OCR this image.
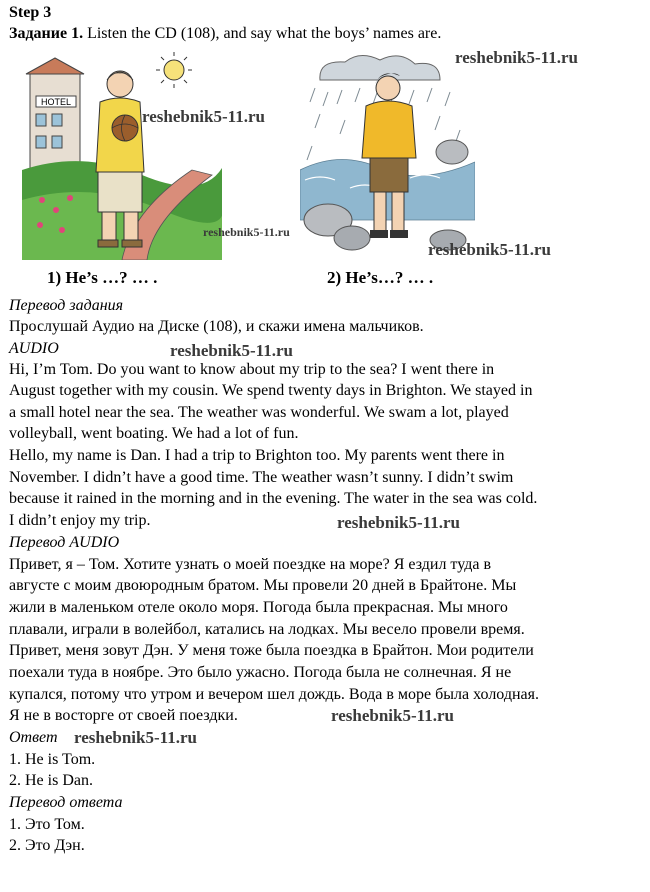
Step 3
Задание 1. Listen the CD (108), and say what the boys’ names are.
HOTEL
1) He’s …? … .	2) He’s…? … .
Перевод задания
Прослушай Аудио на Диске (108), и скажи имена мальчиков.
AUDIO
Hi, I’m Tom. Do you want to know about my trip to the sea? I went there in
August together with my cousin. We spend twenty days in Brighton. We stayed in
a small hotel near the sea. The weather was wonderful. We swam a lot, played
volleyball, went boating. We had a lot of fun.
Hello, my name is Dan. I had a trip to Brighton too. My parents went there in
November. I didn’t have a good time. The weather wasn’t sunny. I didn’t swim
because it rained in the morning and in the evening. The water in the sea was cold.
I didn’t enjoy my trip.
Перевод AUDIO
Привет, я – Том. Хотите узнать о моей поездке на море? Я ездил туда в
августе с моим двоюродным братом. Мы провели 20 дней в Брайтоне. Мы
жили в маленьком отеле около моря. Погода была прекрасная. Мы много
плавали, играли в волейбол, катались на лодках. Мы весело провели время.
Привет, меня зовут Дэн. У меня тоже была поездка в Брайтон. Мои родители
поехали туда в ноябре. Это было ужасно. Погода была не солнечная. Я не
купался, потому что утром и вечером шел дождь. Вода в море была холодная.
Я не в восторге от своей поездки.
Ответ
1. He is Tom.
2. He is Dan.
Перевод ответа
1. Это Том.
2. Это Дэн.
reshebnik5-11.ru
reshebnik5-11.ru
reshebnik5-11.ru
reshebnik5-11.ru
reshebnik5-11.ru
reshebnik5-11.ru
reshebnik5-11.ru
reshebnik5-11.ru
